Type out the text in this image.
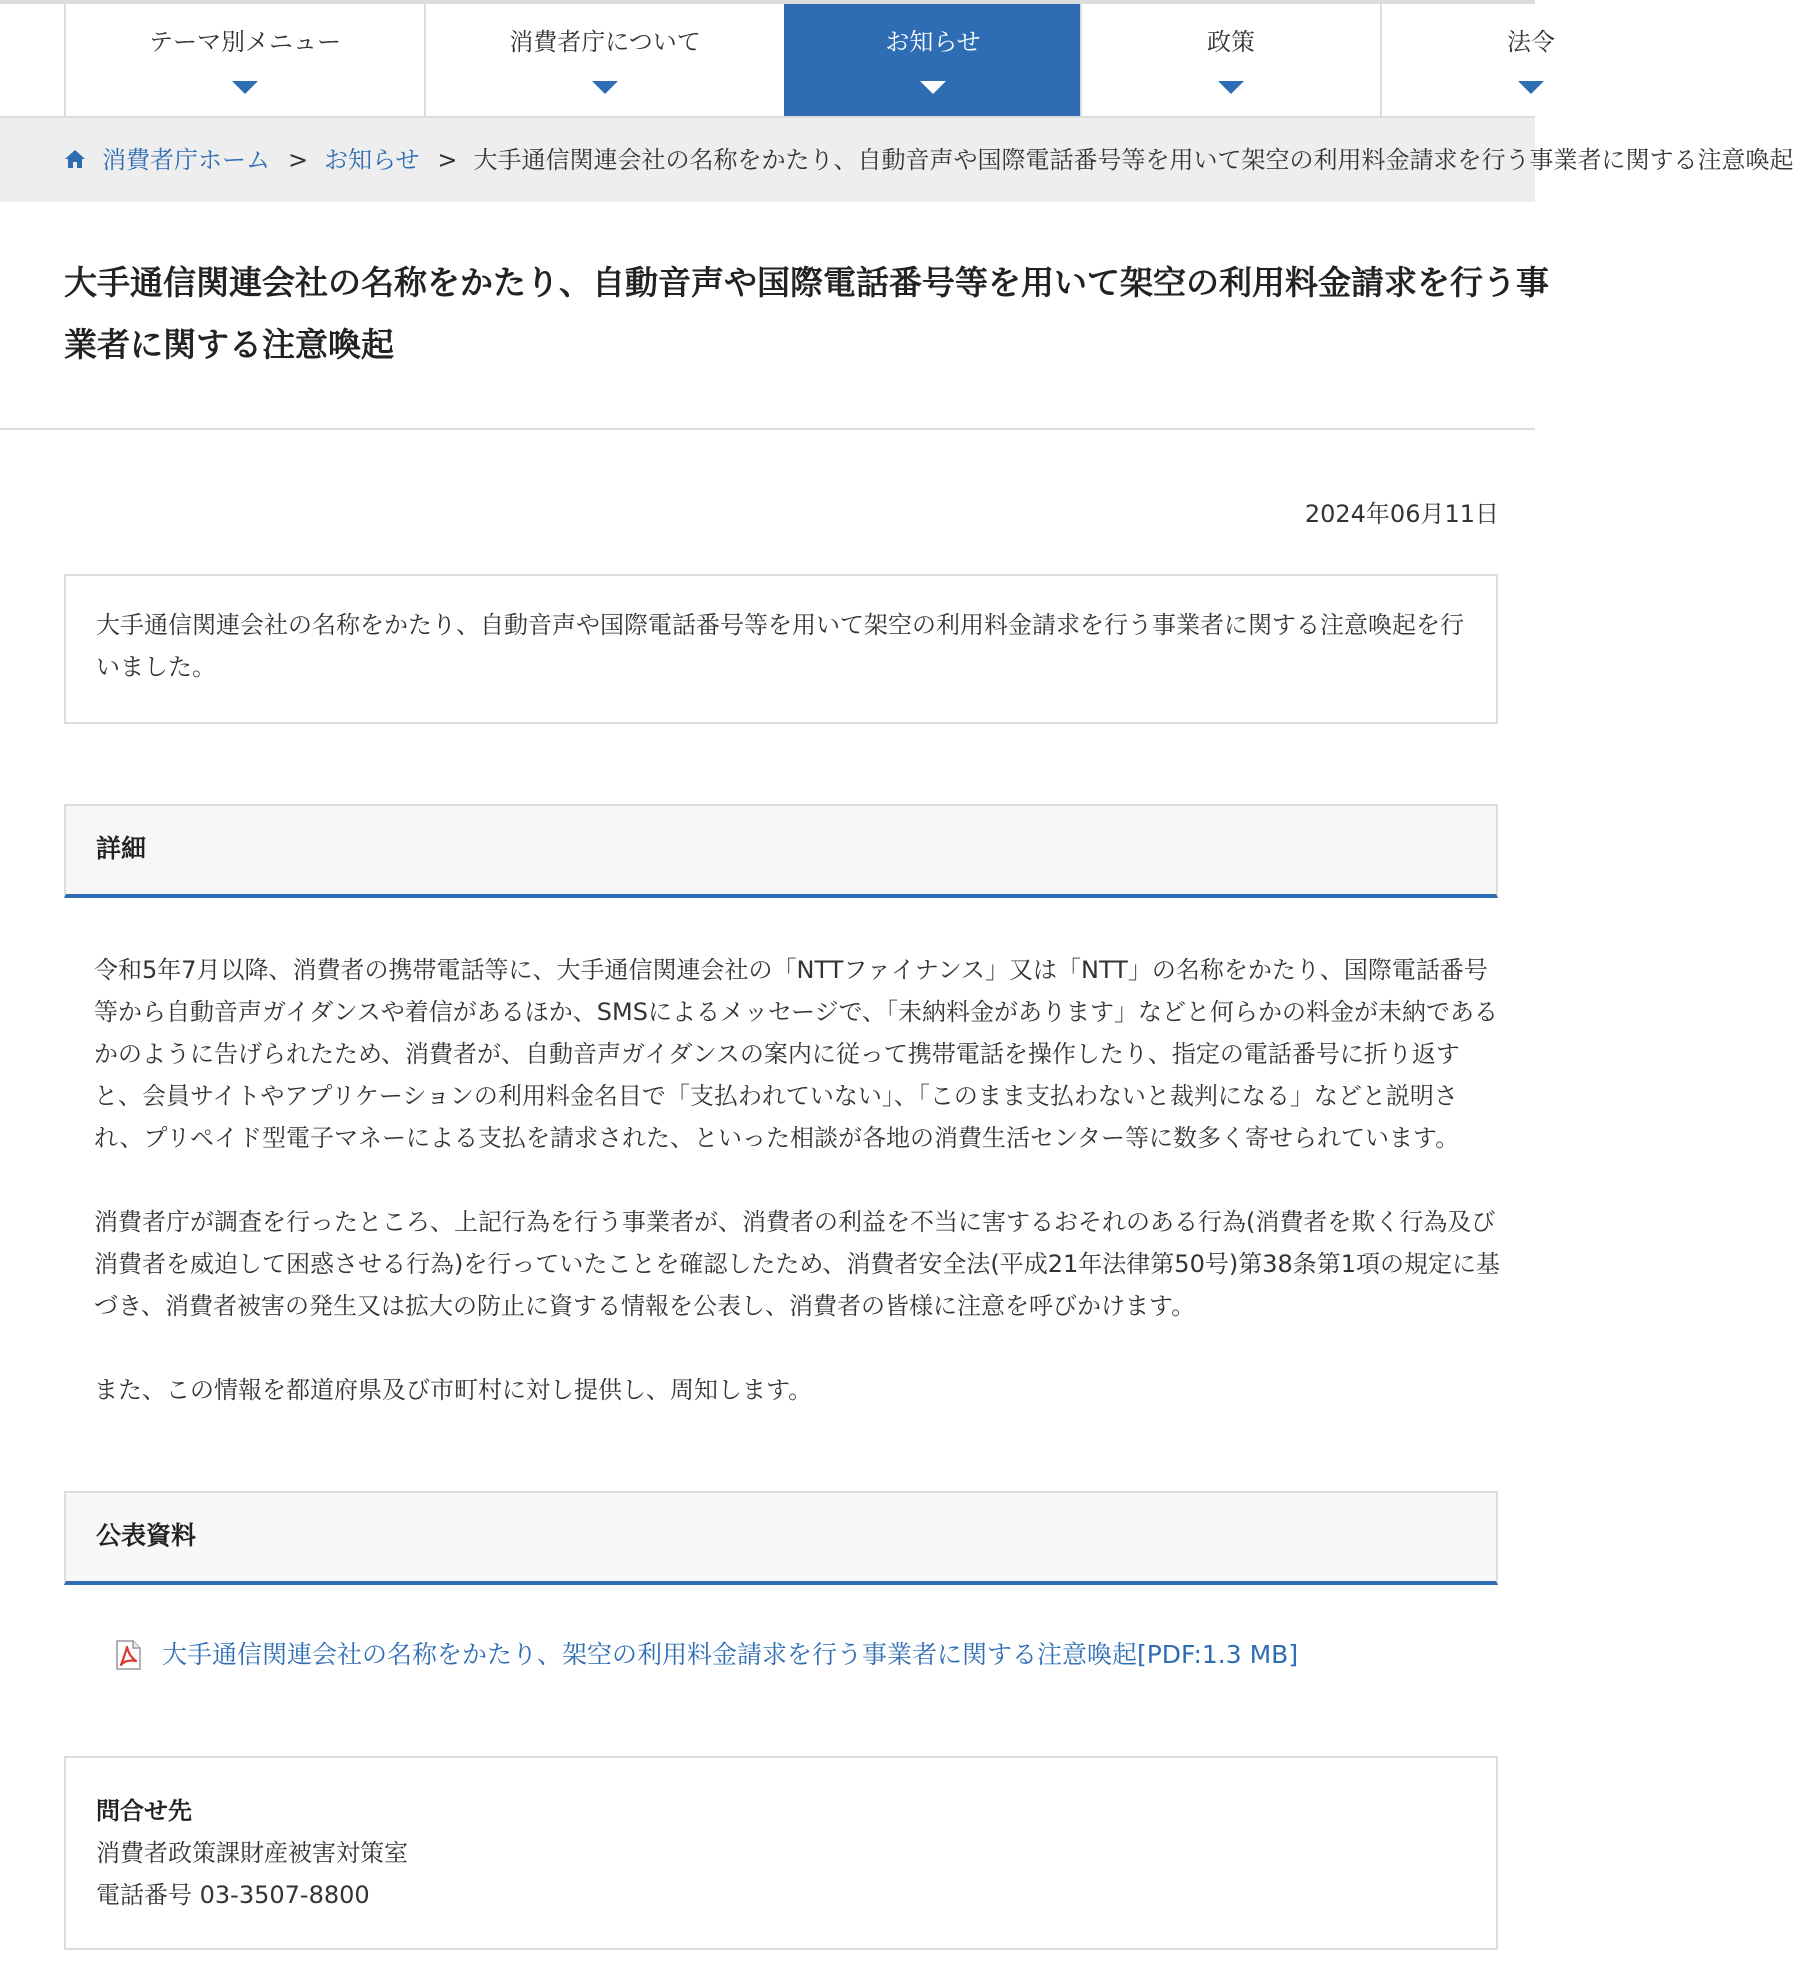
テーマ別メニュー	消費者庁について	お知らせ	政策	法令
消費者庁ホーム > お知らせ > 大手通信関連会社の名称をかたり、自動音声や国際電話番号等を用いて架空の利用料金請求を行う事業者に関する注意喚起
大手通信関連会社の名称をかたり、自動音声や国際電話番号等を用いて架空の利用料金請求を行う事業者に関する注意喚起
2024年06月11日
大手通信関連会社の名称をかたり、自動音声や国際電話番号等を用いて架空の利用料金請求を行う事業者に関する注意喚起を行いました。
詳細

令和5年7月以降、消費者の携帯電話等に、大手通信関連会社の「NTTファイナンス」又は「NTT」の名称をかたり、国際電話番号等から自動音声ガイダンスや着信があるほか、SMSによるメッセージで、「未納料金があります」などと何らかの料金が未納であるかのように告げられたため、消費者が、自動音声ガイダンスの案内に従って携帯電話を操作したり、指定の電話番号に折り返すと、会員サイトやアプリケーションの利用料金名目で「支払われていない」、「このまま支払わないと裁判になる」などと説明され、プリペイド型電子マネーによる支払を請求された、といった相談が各地の消費生活センター等に数多く寄せられています。

消費者庁が調査を行ったところ、上記行為を行う事業者が、消費者の利益を不当に害するおそれのある行為(消費者を欺く行為及び消費者を威迫して困惑させる行為)を行っていたことを確認したため、消費者安全法(平成21年法律第50号)第38条第1項の規定に基づき、消費者被害の発生又は拡大の防止に資する情報を公表し、消費者の皆様に注意を呼びかけます。

また、この情報を都道府県及び市町村に対し提供し、周知します。

公表資料
大手通信関連会社の名称をかたり、架空の利用料金請求を行う事業者に関する注意喚起[PDF:1.3 MB]
問合せ先
消費者政策課財産被害対策室
電話番号 03-3507-8800
